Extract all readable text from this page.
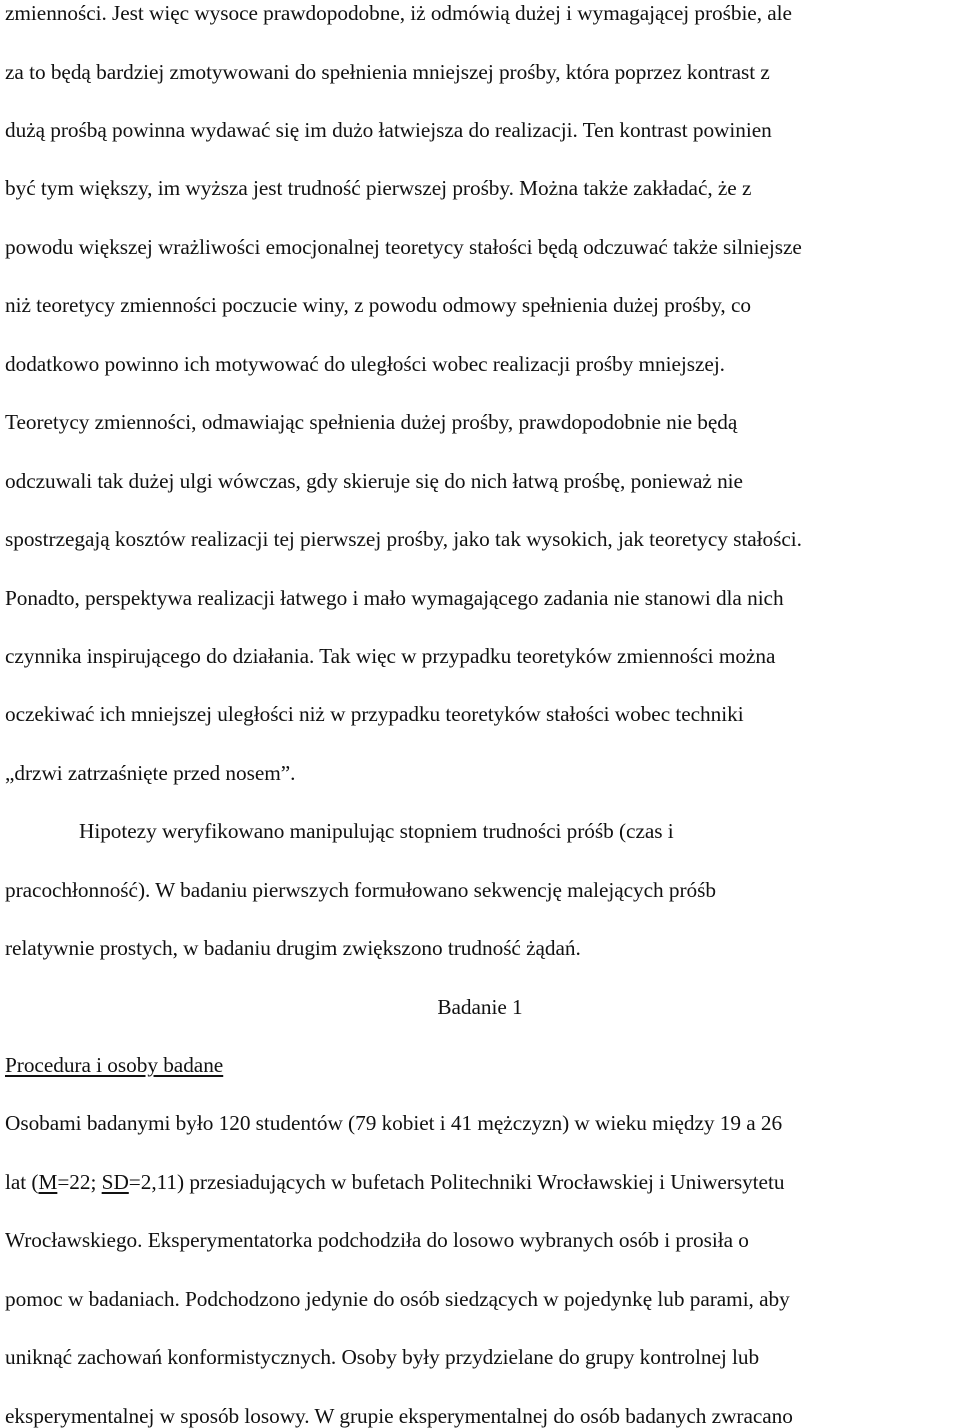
zmienności. Jest więc wysoce prawdopodobne, iż odmówią dużej i wymagającej prośbie, ale
za to będą bardziej zmotywowani do spełnienia mniejszej prośby, która poprzez kontrast z
dużą prośbą powinna wydawać się im dużo łatwiejsza do realizacji. Ten kontrast powinien
być tym większy, im wyższa jest trudność pierwszej prośby. Można także zakładać, że z
powodu większej wrażliwości emocjonalnej teoretycy stałości będą odczuwać także silniejsze
niż teoretycy zmienności poczucie winy, z powodu odmowy spełnienia dużej prośby, co
dodatkowo powinno ich motywować do uległości wobec realizacji prośby mniejszej.
Teoretycy zmienności, odmawiając spełnienia dużej prośby, prawdopodobnie nie będą
odczuwali tak dużej ulgi wówczas, gdy skieruje się do nich łatwą prośbę, ponieważ nie
spostrzegają kosztów realizacji tej pierwszej prośby, jako tak wysokich, jak teoretycy stałości.
Ponadto, perspektywa realizacji łatwego i mało wymagającego zadania nie stanowi dla nich
czynnika inspirującego do działania. Tak więc w przypadku teoretyków zmienności można
oczekiwać ich mniejszej uległości niż w przypadku teoretyków stałości wobec techniki
„drzwi zatrzaśnięte przed nosem”.
Hipotezy weryfikowano manipulując stopniem trudności próśb (czas i
pracochłonność). W badaniu pierwszych formułowano sekwencję malejących próśb
relatywnie prostych, w badaniu drugim zwiększono trudność żądań.
Badanie 1
Procedura i osoby badane
Osobami badanymi było 120 studentów (79 kobiet i 41 mężczyzn) w wieku między 19 a 26
lat (M=22; SD=2,11) przesiadujących w bufetach Politechniki Wrocławskiej i Uniwersytetu
Wrocławskiego. Eksperymentatorka podchodziła do losowo wybranych osób i prosiła o
pomoc w badaniach. Podchodzono jedynie do osób siedzących w pojedynkę lub parami, aby
uniknąć zachowań konformistycznych. Osoby były przydzielane do grupy kontrolnej lub
eksperymentalnej w sposób losowy. W grupie eksperymentalnej do osób badanych zwracano
